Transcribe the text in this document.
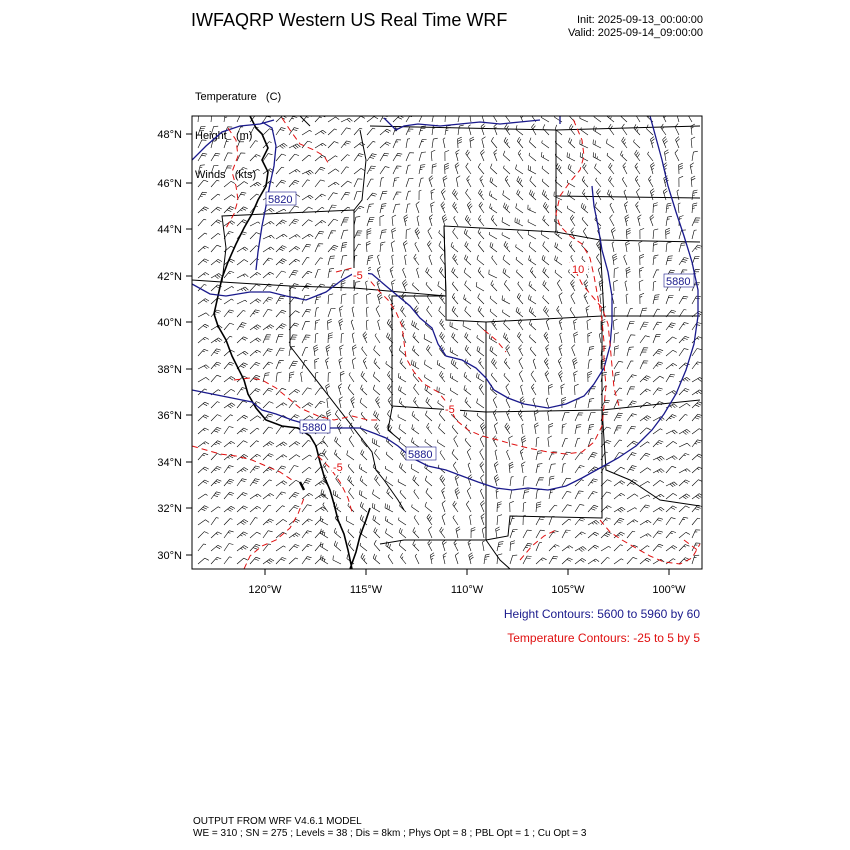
IWFAQRP Western US Real Time WRF	Init: 2025-09-13_00:00:00
Valid: 2025-09-14_09:00:00

Temperature   (C)

Height   (m)

Winds   (kts)

5820
5880
5880
5880
-5	10
-5
-5
48°N
46°N
44°N
42°N
40°N
38°N
36°N
34°N
32°N
30°N
120°W	115°W	110°W	105°W	100°W
Height Contours: 5600 to 5960 by 60
Temperature Contours: -25 to 5 by 5
OUTPUT FROM WRF V4.6.1 MODEL
WE = 310 ; SN = 275 ; Levels = 38 ; Dis = 8km ; Phys Opt = 8 ; PBL Opt = 1 ; Cu Opt = 3
